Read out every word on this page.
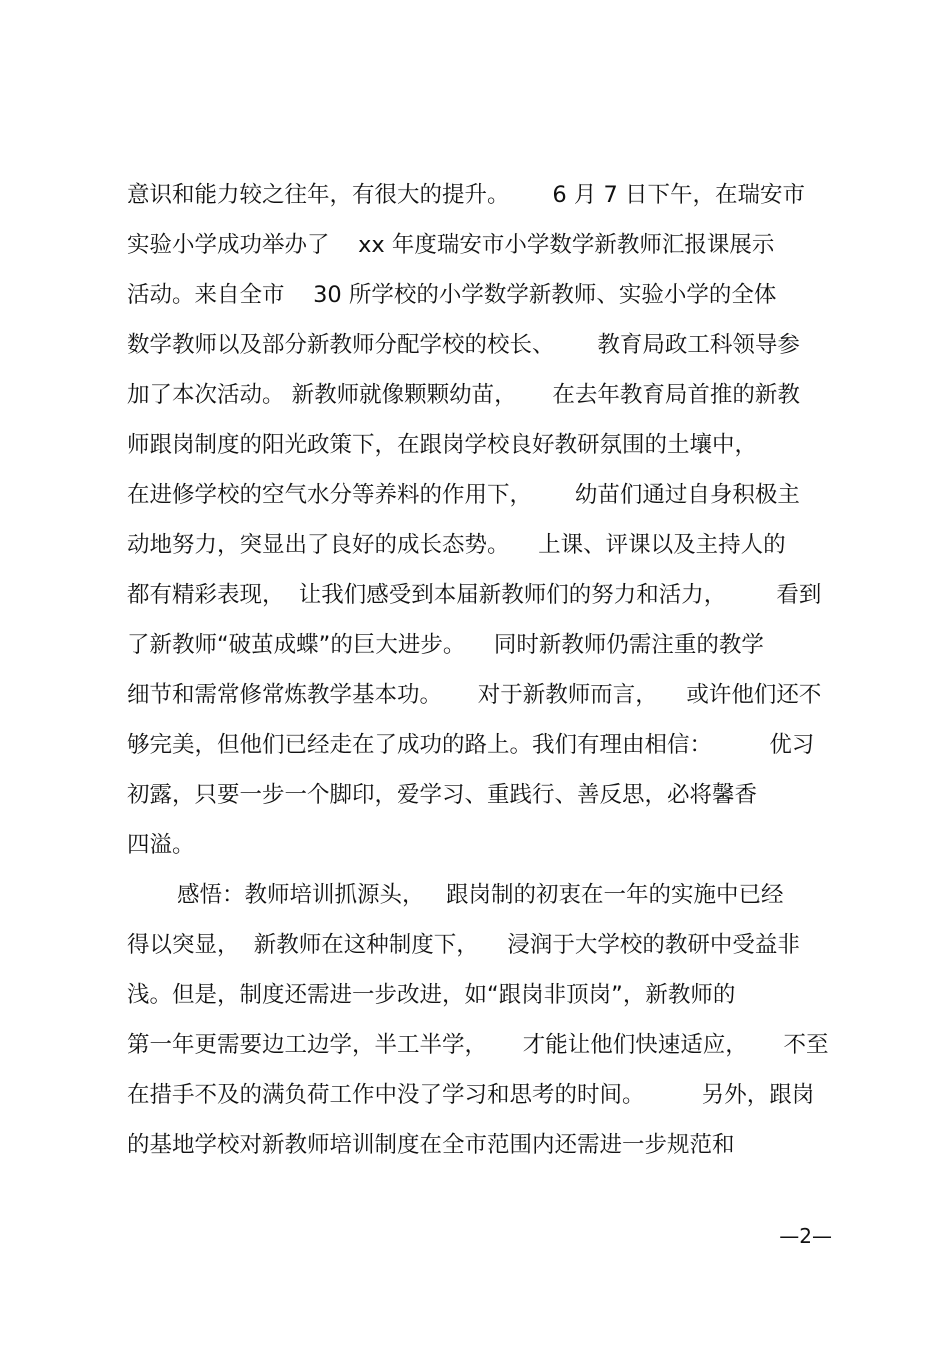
意识和能力较之往年，有很大的提升。      6 月 7 日下午，在瑞安市
实验小学成功举办了    xx 年度瑞安市小学数学新教师汇报课展示
活动。来自全市    30 所学校的小学数学新教师、实验小学的全体
数学教师以及部分新教师分配学校的校长、      教育局政工科领导参
加了本次活动。 新教师就像颗颗幼苗，     在去年教育局首推的新教
师跟岗制度的阳光政策下，在跟岗学校良好教研氛围的土壤中，
在进修学校的空气水分等养料的作用下，      幼苗们通过自身积极主
动地努力，突显出了良好的成长态势。    上课、评课以及主持人的
都有精彩表现，  让我们感受到本届新教师们的努力和活力，       看到
了新教师“破茧成蝶”的巨大进步。    同时新教师仍需注重的教学
细节和需常修常炼教学基本功。     对于新教师而言，    或许他们还不
够完美，但他们已经走在了成功的路上。我们有理由相信：        优习
初露，只要一步一个脚印，爱学习、重践行、善反思，必将馨香
四溢。
感悟：教师培训抓源头，   跟岗制的初衷在一年的实施中已经
得以突显，  新教师在这种制度下，    浸润于大学校的教研中受益非
浅。但是，制度还需进一步改进，如“跟岗非顶岗”，新教师的
第一年更需要边工边学，半工半学，     才能让他们快速适应，     不至
在措手不及的满负荷工作中没了学习和思考的时间。        另外，跟岗
的基地学校对新教师培训制度在全市范围内还需进一步规范和
—2—
